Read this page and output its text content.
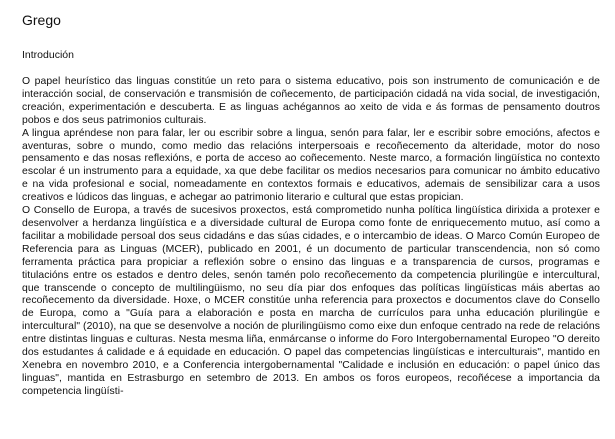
Grego
Introdución

O papel heurístico das linguas constitúe un reto para o sistema educativo, pois son instrumento de comunicación e de interacción social, de conservación e transmisión de coñecemento, de participación cidadá na vida social, de investigación, creación, experimentación e descuberta. E as linguas achégannos ao xeito de vida e ás formas de pensamento doutros pobos e dos seus patrimonios culturais.

A lingua apréndese non para falar, ler ou escribir sobre a lingua, senón para falar, ler e escribir sobre emocións, afectos e aventuras, sobre o mundo, como medio das relacións interpersoais e recoñecemento da alteridade, motor do noso pensamento e das nosas reflexións, e porta de acceso ao coñecemento. Neste marco, a formación lingüística no contexto escolar é un instrumento para a equidade, xa que debe facilitar os medios necesarios para comunicar no ámbito educativo e na vida profesional e social, nomeadamente en contextos formais e educativos, ademais de sensibilizar cara a usos creativos e lúdicos das linguas, e achegar ao patrimonio literario e cultural que estas propician.

O Consello de Europa, a través de sucesivos proxectos, está comprometido nunha política lingüística dirixida a protexer e desenvolver a herdanza lingüística e a diversidade cultural de Europa como fonte de enriquecemento mutuo, así como a facilitar a mobilidade persoal dos seus cidadáns e das súas cidades, e o intercambio de ideas. O Marco Común Europeo de Referencia para as Linguas (MCER), publicado en 2001, é un documento de particular transcendencia, non só como ferramenta práctica para propiciar a reflexión sobre o ensino das linguas e a transparencia de cursos, programas e titulacións entre os estados e dentro deles, senón tamén polo recoñecemento da competencia plurilingüe e intercultural, que transcende o concepto de multilingüismo, no seu día piar dos enfoques das políticas lingüísticas máis abertas ao recoñecemento da diversidade. Hoxe, o MCER constitúe unha referencia para proxectos e documentos clave do Consello de Europa, como a "Guía para a elaboración e posta en marcha de currículos para unha educación plurilingüe e intercultural" (2010), na que se desenvolve a noción de plurilingüismo como eixe dun enfoque centrado na rede de relacións entre distintas linguas e culturas. Nesta mesma liña, enmárcanse o informe do Foro Intergobernamental Europeo "O dereito dos estudantes á calidade e á equidade en educación. O papel das competencias lingüísticas e interculturais", mantido en Xenebra en novembro 2010, e a Conferencia intergobernamental "Calidade e inclusión en educación: o papel único das linguas", mantida en Estrasburgo en setembro de 2013. En ambos os foros europeos, recoñécese a importancia da competencia lingüísti-
